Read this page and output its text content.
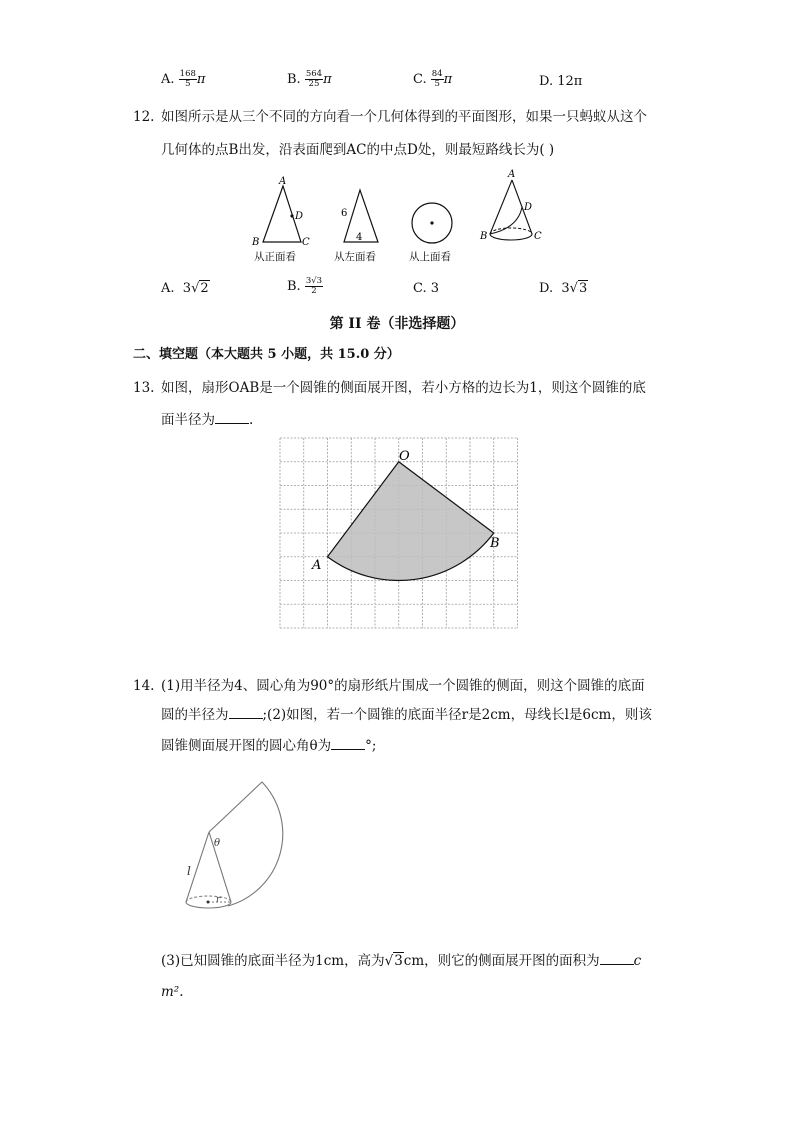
A. $\frac{168}{5}$ π	B. $\frac{564}{25}$ π	C. $\frac{84}{5}$ π	D. 12π
12. 如图所示是从三个不同的方向看一个几何体得到的平面图形，如果一只蚂蚁从这个
几何体的点B出发，沿表面爬到AC的中点D处，则最短路线长为( )
A
D
B	C
从正面看
6
4
从左面看	从上面看
A
D
B	C
A. 3√2	B. $\frac{3√3}{2}$	C. 3	D. 3√3
第 II 卷（非选择题）
二、填空题（本大题共 5 小题，共 15.0 分）
13. 如图，扇形OAB是一个圆锥的侧面展开图，若小方格的边长为1，则这个圆锥的底
面半径为	.
O
A
B
14. (1)用半径为4、圆心角为90°的扇形纸片围成一个圆锥的侧面，则这个圆锥的底面
圆的半径为	;(2)如图，若一个圆锥的底面半径r是2cm，母线长l是6cm，则该
圆锥侧面展开图的圆心角θ为	°;
θ
l
r
(3)已知圆锥的底面半径为1cm，高为√3cm，则它的侧面展开图的面积为	c
m².
